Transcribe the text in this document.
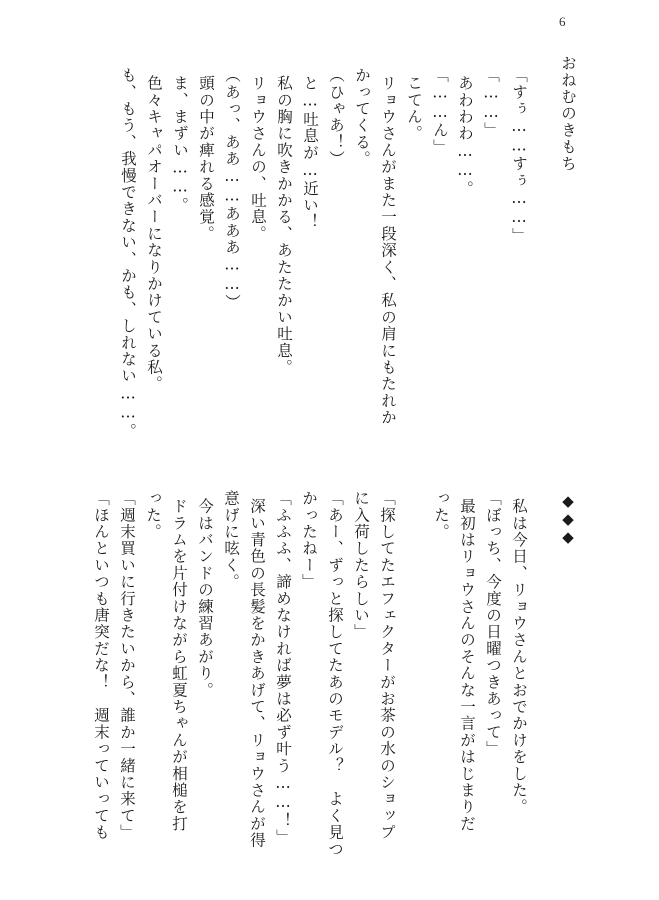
6
おねむのきもち
「すぅ……すぅ……」
「……」
あわわわ……。
「……ん」
こてん。
リョウさんがまた一段深く、私の肩にもたれか
かってくる。
（ひゃあ！）
と…吐息が…近い！
私の胸に吹きかかる、あたたかい吐息。
リョウさんの、吐息。
（あっ、ああ……あああ……）
頭の中が痺れる感覚。
ま、まずい……。
色々キャパオーバーになりかけている私。
も、もう、我慢できない、かも、しれない……。
◆◆◆
私は今日、リョウさんとおでかけをした。
「ぼっち、今度の日曜つきあって」
最初はリョウさんのそんな一言がはじまりだ
った。
「探してたエフェクターがお茶の水のショップ
に入荷したらしい」
「あー、ずっと探してたあのモデル？　よく見つ
かったねー」
「ふふふ、諦めなければ夢は必ず叶う……！」
深い青色の長髪をかきあげて、リョウさんが得
意げに呟く。
今はバンドの練習あがり。
ドラムを片付けながら虹夏ちゃんが相槌を打
った。
「週末買いに行きたいから、誰か一緒に来て」
「ほんといつも唐突だな！　週末っていっても
